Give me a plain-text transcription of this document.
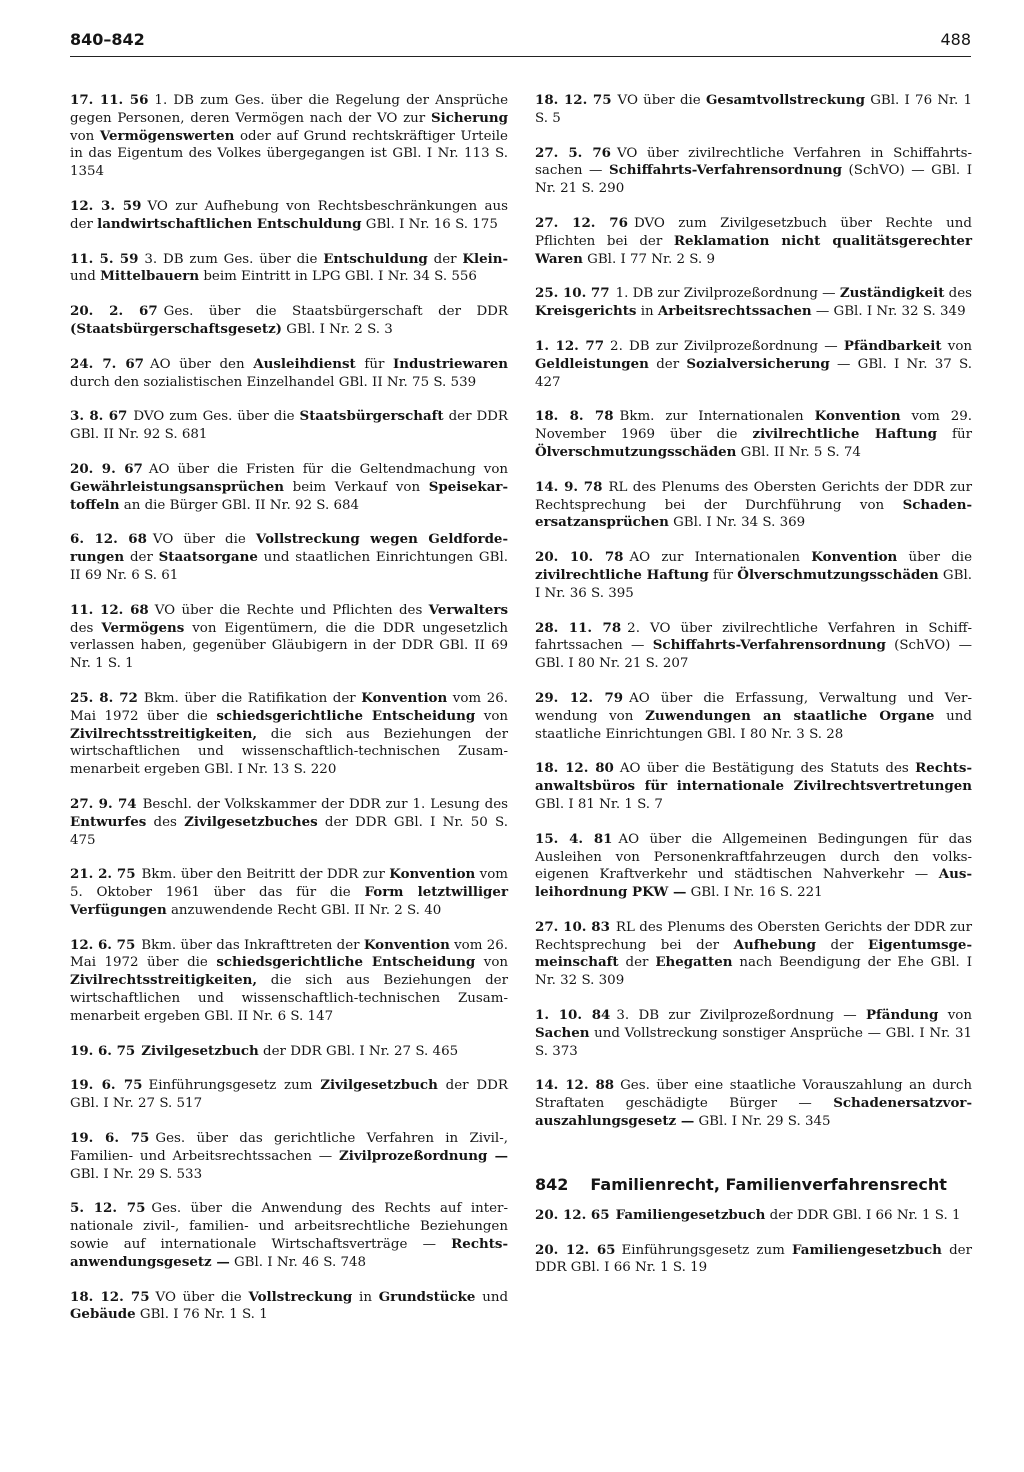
840–842	488

17. 11. 56 1. DB zum Ges. über die Regelung der Ansprüche gegen Personen, deren Vermögen nach der VO zur Sicherung von Vermögenswerten oder auf Grund rechtskräftiger Urteile in das Eigentum des Volkes übergegangen ist GBl. I Nr. 113 S. 1354

12. 3. 59 VO zur Aufhebung von Rechtsbeschränkungen aus der landwirtschaftlichen Entschuldung GBl. I Nr. 16 S. 175

11. 5. 59 3. DB zum Ges. über die Entschuldung der Klein- und Mittelbauern beim Eintritt in LPG GBl. I Nr. 34 S. 556

20. 2. 67 Ges. über die Staatsbürgerschaft der DDR (Staatsbürgerschaftsgesetz) GBl. I Nr. 2 S. 3

24. 7. 67 AO über den Ausleihdienst für Industriewaren durch den sozialistischen Einzelhandel GBl. II Nr. 75 S. 539

3. 8. 67 DVO zum Ges. über die Staatsbürgerschaft der DDR GBl. II Nr. 92 S. 681

20. 9. 67 AO über die Fristen für die Geltendmachung von Gewährleistungsansprüchen beim Verkauf von Speisekartoffeln an die Bürger GBl. II Nr. 92 S. 684

6. 12. 68 VO über die Vollstreckung wegen Geldforderungen der Staatsorgane und staatlichen Einrichtungen GBl. II 69 Nr. 6 S. 61

11. 12. 68 VO über die Rechte und Pflichten des Verwalters des Vermögens von Eigentümern, die die DDR ungesetzlich verlassen haben, gegenüber Gläubigern in der DDR GBl. II 69 Nr. 1 S. 1

25. 8. 72 Bkm. über die Ratifikation der Konvention vom 26. Mai 1972 über die schiedsgerichtliche Entscheidung von Zivilrechtsstreitigkeiten, die sich aus Beziehungen der wirtschaftlichen und wissenschaftlich-technischen Zusammenarbeit ergeben GBl. I Nr. 13 S. 220

27. 9. 74 Beschl. der Volkskammer der DDR zur 1. Lesung des Entwurfes des Zivilgesetzbuches der DDR GBl. I Nr. 50 S. 475

21. 2. 75 Bkm. über den Beitritt der DDR zur Konvention vom 5. Oktober 1961 über das für die Form letztwilliger Verfügungen anzuwendende Recht GBl. II Nr. 2 S. 40

12. 6. 75 Bkm. über das Inkrafttreten der Konvention vom 26. Mai 1972 über die schiedsgerichtliche Entscheidung von Zivilrechtsstreitigkeiten, die sich aus Beziehungen der wirtschaftlichen und wissenschaftlich-technischen Zusammenarbeit ergeben GBl. II Nr. 6 S. 147

19. 6. 75 Zivilgesetzbuch der DDR GBl. I Nr. 27 S. 465

19. 6. 75 Einführungsgesetz zum Zivilgesetzbuch der DDR GBl. I Nr. 27 S. 517

19. 6. 75 Ges. über das gerichtliche Verfahren in Zivil-, Familien- und Arbeitsrechtssachen — Zivilprozeßordnung — GBl. I Nr. 29 S. 533

5. 12. 75 Ges. über die Anwendung des Rechts auf internationale zivil-, familien- und arbeitsrechtliche Beziehungen sowie auf internationale Wirtschaftsverträge — Rechtsanwendungsgesetz — GBl. I Nr. 46 S. 748

18. 12. 75 VO über die Vollstreckung in Grundstücke und Gebäude GBl. I 76 Nr. 1 S. 1

18. 12. 75 VO über die Gesamtvollstreckung GBl. I 76 Nr. 1 S. 5

27. 5. 76 VO über zivilrechtliche Verfahren in Schiffahrtssachen — Schiffahrts-Verfahrensordnung (SchVO) — GBl. I Nr. 21 S. 290

27. 12. 76 DVO zum Zivilgesetzbuch über Rechte und Pflichten bei der Reklamation nicht qualitätsgerechter Waren GBl. I 77 Nr. 2 S. 9

25. 10. 77 1. DB zur Zivilprozeßordnung — Zuständigkeit des Kreisgerichts in Arbeitsrechtssachen — GBl. I Nr. 32 S. 349

1. 12. 77 2. DB zur Zivilprozeßordnung — Pfändbarkeit von Geldleistungen der Sozialversicherung — GBl. I Nr. 37 S. 427

18. 8. 78 Bkm. zur Internationalen Konvention vom 29. November 1969 über die zivilrechtliche Haftung für Ölverschmutzungsschäden GBl. II Nr. 5 S. 74

14. 9. 78 RL des Plenums des Obersten Gerichts der DDR zur Rechtsprechung bei der Durchführung von Schadenersatzansprüchen GBl. I Nr. 34 S. 369

20. 10. 78 AO zur Internationalen Konvention über die zivilrechtliche Haftung für Ölverschmutzungsschäden GBl. I Nr. 36 S. 395

28. 11. 78 2. VO über zivilrechtliche Verfahren in Schifffahrtssachen — Schiffahrts-Verfahrensordnung (SchVO) — GBl. I 80 Nr. 21 S. 207

29. 12. 79 AO über die Erfassung, Verwaltung und Verwendung von Zuwendungen an staatliche Organe und staatliche Einrichtungen GBl. I 80 Nr. 3 S. 28

18. 12. 80 AO über die Bestätigung des Statuts des Rechtsanwaltsbüros für internationale Zivilrechtsvertretungen GBl. I 81 Nr. 1 S. 7

15. 4. 81 AO über die Allgemeinen Bedingungen für das Ausleihen von Personenkraftfahrzeugen durch den volkseigenen Kraftverkehr und städtischen Nahverkehr — Ausleihordnung PKW — GBl. I Nr. 16 S. 221

27. 10. 83 RL des Plenums des Obersten Gerichts der DDR zur Rechtsprechung bei der Aufhebung der Eigentumsgemeinschaft der Ehegatten nach Beendigung der Ehe GBl. I Nr. 32 S. 309

1. 10. 84 3. DB zur Zivilprozeßordnung — Pfändung von Sachen und Vollstreckung sonstiger Ansprüche — GBl. I Nr. 31 S. 373

14. 12. 88 Ges. über eine staatliche Vorauszahlung an durch Straftaten geschädigte Bürger — Schadenersatzvorauszahlungsgesetz — GBl. I Nr. 29 S. 345

842 Familienrecht, Familienverfahrensrecht

20. 12. 65 Familiengesetzbuch der DDR GBl. I 66 Nr. 1 S. 1

20. 12. 65 Einführungsgesetz zum Familiengesetzbuch der DDR GBl. I 66 Nr. 1 S. 19
